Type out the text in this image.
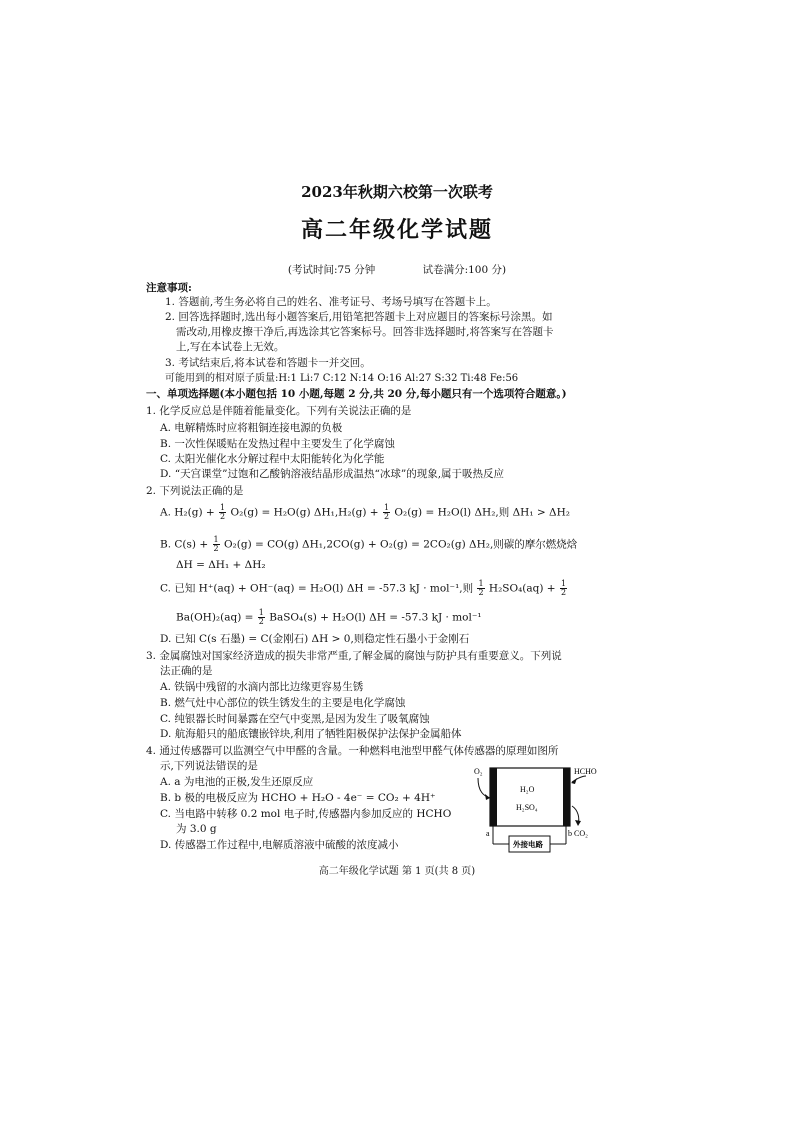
2023年秋期六校第一次联考
高二年级化学试题
(考试时间:75 分钟	试卷满分:100 分)
注意事项:
1. 答题前,考生务必将自己的姓名、准考证号、考场号填写在答题卡上。
2. 回答选择题时,选出每小题答案后,用铅笔把答题卡上对应题目的答案标号涂黑。如
需改动,用橡皮擦干净后,再选涂其它答案标号。回答非选择题时,将答案写在答题卡
上,写在本试卷上无效。
3. 考试结束后,将本试卷和答题卡一并交回。
可能用到的相对原子质量:H:1 Li:7 C:12 N:14 O:16 Al:27 S:32 Ti:48 Fe:56
一、单项选择题(本小题包括 10 小题,每题 2 分,共 20 分,每小题只有一个选项符合题意。)
1. 化学反应总是伴随着能量变化。下列有关说法正确的是
A. 电解精炼时应将粗铜连接电源的负极
B. 一次性保暖贴在发热过程中主要发生了化学腐蚀
C. 太阳光催化水分解过程中太阳能转化为化学能
D. “天宫课堂”过饱和乙酸钠溶液结晶形成温热“冰球”的现象,属于吸热反应
2. 下列说法正确的是
A. $H_2(g) + \frac{1}{2} O_2(g) = H_2O(g) \Delta H_1,H_2(g) + \frac{1}{2} O_2(g) = H_2O(l)$ ΔH₂,则 ΔH₁ > ΔH₂
B. $C(s) + \frac{1}{2} O_2(g) = CO(g) \Delta H_1,2CO(g) + O_2(g) = 2CO_2(g)$ ΔH₂,则碳的摩尔燃烧焓
ΔH = ΔH₁ + ΔH₂
C. 已知 H⁺(aq) + OH⁻(aq) = H₂O(l) ΔH = -57.3 kJ · mol⁻¹,则 $\frac{1}{2} H_2SO_4(aq) + \frac{1}{2}$
$Ba(OH)_2(aq) = \frac{1}{2}$ BaSO₄(s) + H₂O(l) ΔH = -57.3 kJ · mol⁻¹
D. 已知 C(s 石墨) = C(金刚石) ΔH > 0,则稳定性石墨小于金刚石
3. 金属腐蚀对国家经济造成的损失非常严重,了解金属的腐蚀与防护具有重要意义。下列说
法正确的是
A. 铁锅中残留的水滴内部比边缘更容易生锈
B. 燃气灶中心部位的铁生锈发生的主要是电化学腐蚀
C. 纯银器长时间暴露在空气中变黑,是因为发生了吸氧腐蚀
D. 航海船只的船底镶嵌锌块,利用了牺牲阳极保护法保护金属船体
4. 通过传感器可以监测空气中甲醛的含量。一种燃料电池型甲醛气体传感器的原理如图所
示,下列说法错误的是
A. a 为电池的正极,发生还原反应
B. b 极的电极反应为 HCHO + H₂O - 4e⁻ = CO₂ + 4H⁺
C. 当电路中转移 0.2 mol 电子时,传感器内参加反应的 HCHO
为 3.0 g
D. 传感器工作过程中,电解质溶液中硫酸的浓度减小
O₂	HCHO
H₂O
H₂SO₄
CO₂
a	b
外接电路
高二年级化学试题 第 1 页(共 8 页)
